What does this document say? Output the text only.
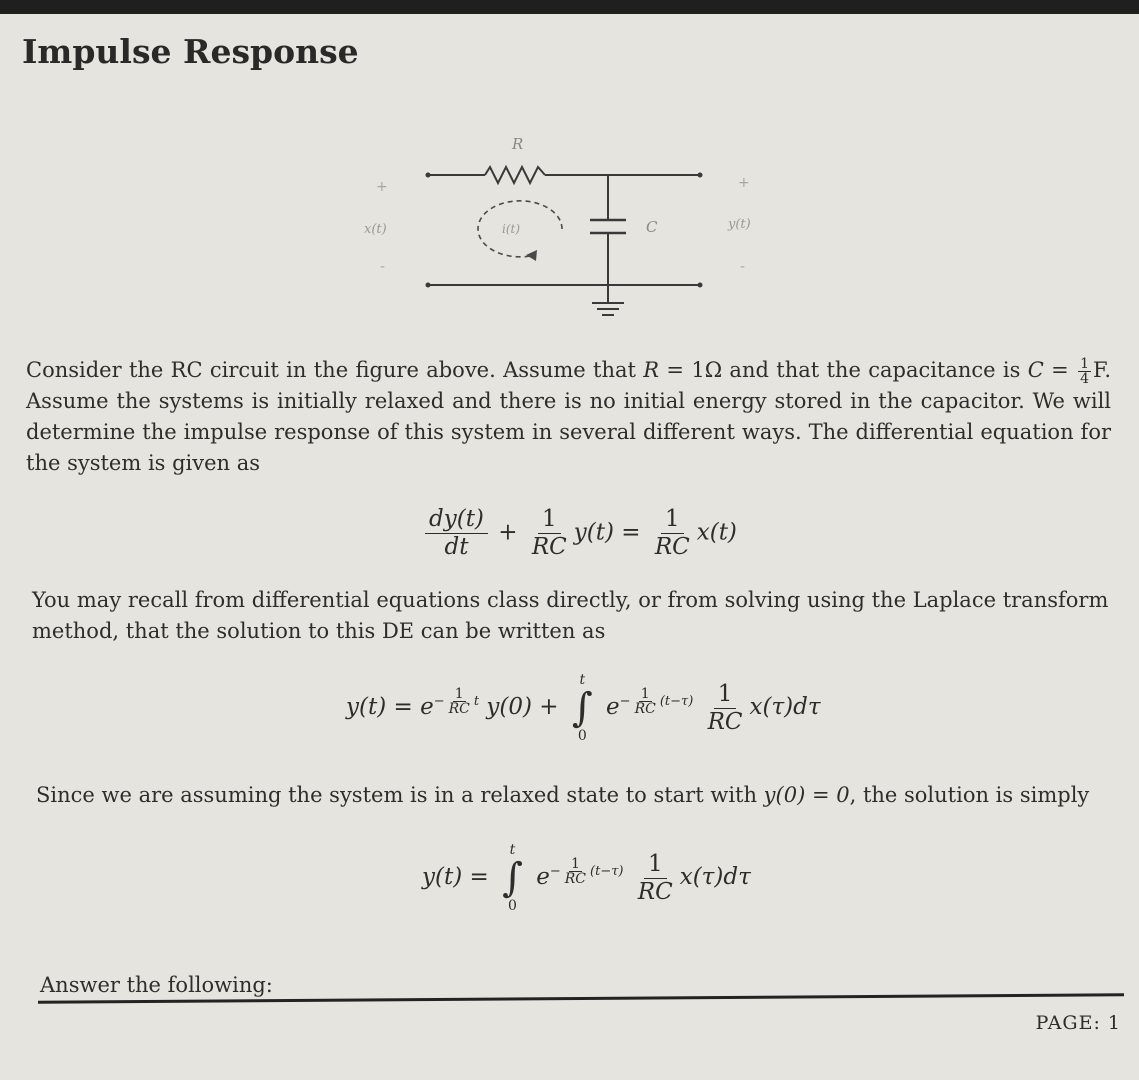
Impulse Response
R
C
x(t)	i(t)	y(t)
+	+
-	-
Consider the RC circuit in the figure above. Assume that R = 1Ω and that the capacitance is $C = \frac{1}{4} F$. Assume the systems is initially relaxed and there is no initial energy stored in the capacitor. We will determine the impulse response of this system in several different ways. The differential equation for the system is given as
$\frac{dy(t)}{dt} + \frac{1}{RC} y(t) = \frac{1}{RC} x(t)$
You may recall from differential equations class directly, or from solving using the Laplace transform method, that the solution to this DE can be written as
$y(t) = e^{- \frac{1}{RC} t}$ y(0) +
t
∫
0
$e^{- \frac{1}{RC} (t-\tau)} \frac{1}{RC} x(\tau)d\tau$
Since we are assuming the system is in a relaxed state to start with y(0) = 0, the solution is simply
y(t) =
t
∫
0
$e^{- \frac{1}{RC} (t-\tau)} \frac{1}{RC} x(\tau)d\tau$
Answer the following:
PAGE: 1
